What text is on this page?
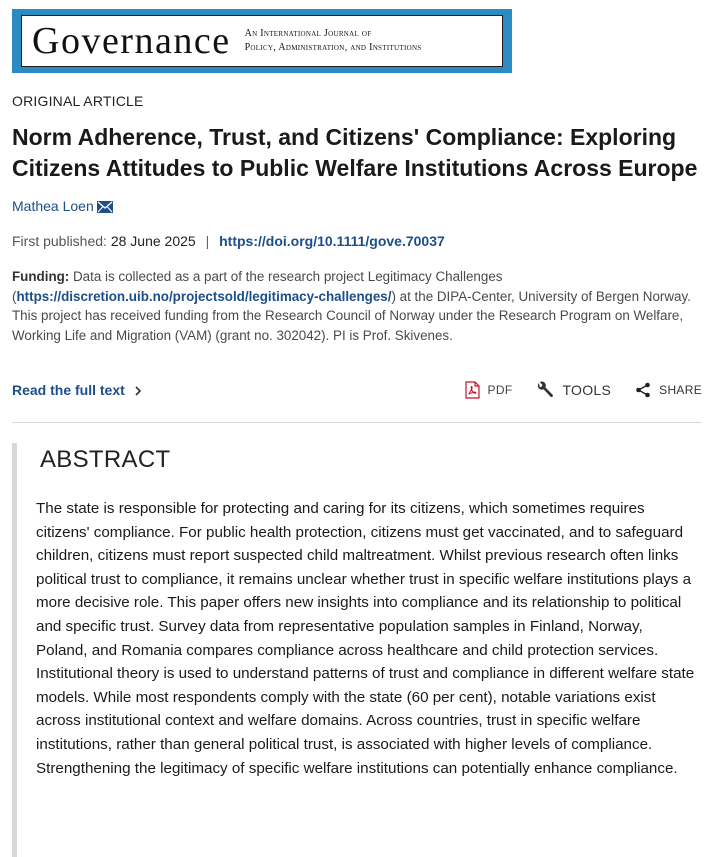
Governance An International Journal of
Policy, Administration, and Institutions
ORIGINAL ARTICLE
Norm Adherence, Trust, and Citizens' Compliance: Exploring Citizens Attitudes to Public Welfare Institutions Across Europe
Mathea Loen
First published: 28 June 2025 | https://doi.org/10.1111/gove.70037
Funding: Data is collected as a part of the research project Legitimacy Challenges (https://discretion.uib.no/projectsold/legitimacy-challenges/) at the DIPA-Center, University of Bergen Norway. This project has received funding from the Research Council of Norway under the Research Program on Welfare, Working Life and Migration (VAM) (grant no. 302042). PI is Prof. Skivenes.
Read the full text	PDF	TOOLS	SHARE
ABSTRACT

The state is responsible for protecting and caring for its citizens, which sometimes requires citizens' compliance. For public health protection, citizens must get vaccinated, and to safeguard children, citizens must report suspected child maltreatment. Whilst previous research often links political trust to compliance, it remains unclear whether trust in specific welfare institutions plays a more decisive role. This paper offers new insights into compliance and its relationship to political and specific trust. Survey data from representative population samples in Finland, Norway, Poland, and Romania compares compliance across healthcare and child protection services. Institutional theory is used to understand patterns of trust and compliance in different welfare state models. While most respondents comply with the state (60 per cent), notable variations exist across institutional context and welfare domains. Across countries, trust in specific welfare institutions, rather than general political trust, is associated with higher levels of compliance. Strengthening the legitimacy of specific welfare institutions can potentially enhance compliance.
